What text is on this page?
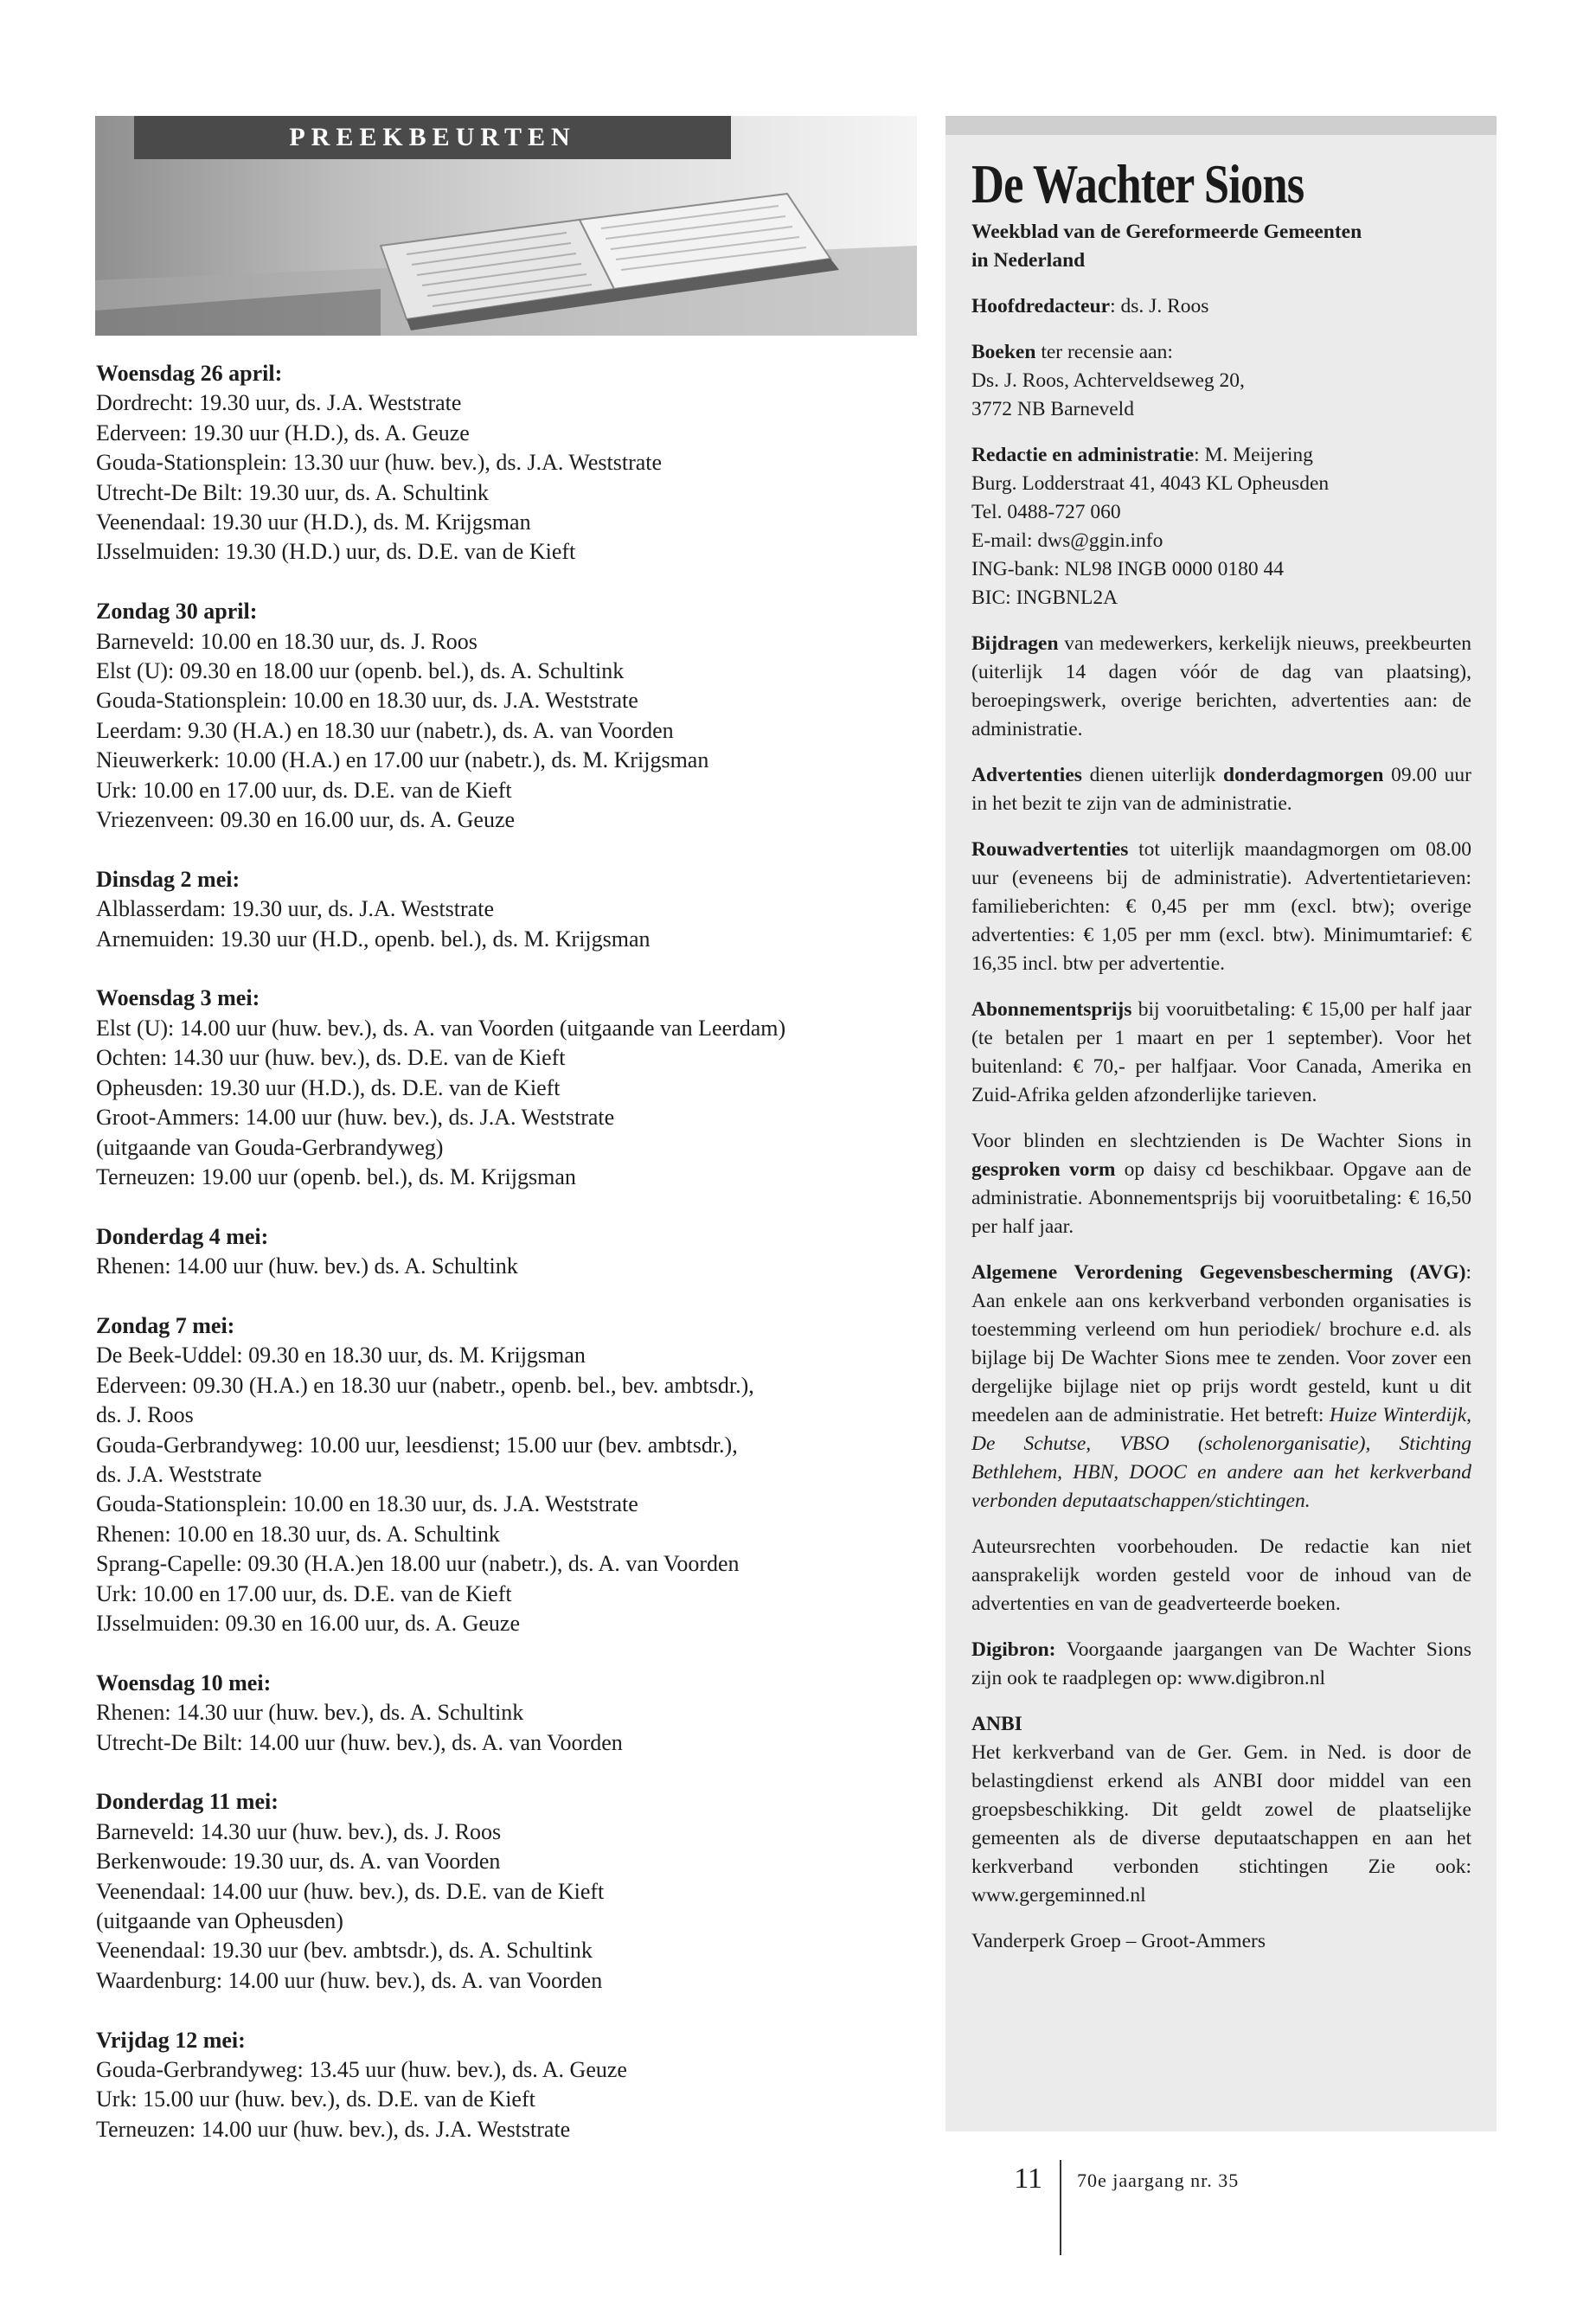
PREEKBEURTEN
Woensdag 26 april:
Dordrecht: 19.30 uur, ds. J.A. Weststrate
Ederveen: 19.30 uur (H.D.), ds. A. Geuze
Gouda-Stationsplein: 13.30 uur (huw. bev.), ds. J.A. Weststrate
Utrecht-De Bilt: 19.30 uur, ds. A. Schultink
Veenendaal: 19.30 uur (H.D.), ds. M. Krijgsman
IJsselmuiden: 19.30 (H.D.) uur, ds. D.E. van de Kieft
Zondag 30 april:
Barneveld: 10.00 en 18.30 uur, ds. J. Roos
Elst (U): 09.30 en 18.00 uur (openb. bel.), ds. A. Schultink
Gouda-Stationsplein: 10.00 en 18.30 uur, ds. J.A. Weststrate
Leerdam: 9.30 (H.A.) en 18.30 uur (nabetr.), ds. A. van Voorden
Nieuwerkerk: 10.00 (H.A.) en 17.00 uur (nabetr.), ds. M. Krijgsman
Urk: 10.00 en 17.00 uur, ds. D.E. van de Kieft
Vriezenveen: 09.30 en 16.00 uur, ds. A. Geuze
Dinsdag 2 mei:
Alblasserdam: 19.30 uur, ds. J.A. Weststrate
Arnemuiden: 19.30 uur (H.D., openb. bel.), ds. M. Krijgsman
Woensdag 3 mei:
Elst (U): 14.00 uur (huw. bev.), ds. A. van Voorden (uitgaande van Leerdam)
Ochten: 14.30 uur (huw. bev.), ds. D.E. van de Kieft
Opheusden: 19.30 uur (H.D.), ds. D.E. van de Kieft
Groot-Ammers: 14.00 uur (huw. bev.), ds. J.A. Weststrate
(uitgaande van Gouda-Gerbrandyweg)
Terneuzen: 19.00 uur (openb. bel.), ds. M. Krijgsman
Donderdag 4 mei:
Rhenen: 14.00 uur (huw. bev.) ds. A. Schultink
Zondag 7 mei:
De Beek-Uddel: 09.30 en 18.30 uur, ds. M. Krijgsman
Ederveen: 09.30 (H.A.) en 18.30 uur (nabetr., openb. bel., bev. ambtsdr.),
ds. J. Roos
Gouda-Gerbrandyweg: 10.00 uur, leesdienst; 15.00 uur (bev. ambtsdr.),
ds. J.A. Weststrate
Gouda-Stationsplein: 10.00 en 18.30 uur, ds. J.A. Weststrate
Rhenen: 10.00 en 18.30 uur, ds. A. Schultink
Sprang-Capelle: 09.30 (H.A.)en 18.00 uur (nabetr.), ds. A. van Voorden
Urk: 10.00 en 17.00 uur, ds. D.E. van de Kieft
IJsselmuiden: 09.30 en 16.00 uur, ds. A. Geuze
Woensdag 10 mei:
Rhenen: 14.30 uur (huw. bev.), ds. A. Schultink
Utrecht-De Bilt: 14.00 uur (huw. bev.), ds. A. van Voorden
Donderdag 11 mei:
Barneveld: 14.30 uur (huw. bev.), ds. J. Roos
Berkenwoude: 19.30 uur, ds. A. van Voorden
Veenendaal: 14.00 uur (huw. bev.), ds. D.E. van de Kieft
(uitgaande van Opheusden)
Veenendaal: 19.30 uur (bev. ambtsdr.), ds. A. Schultink
Waardenburg: 14.00 uur (huw. bev.), ds. A. van Voorden
Vrijdag 12 mei:
Gouda-Gerbrandyweg: 13.45 uur (huw. bev.), ds. A. Geuze
Urk: 15.00 uur (huw. bev.), ds. D.E. van de Kieft
Terneuzen: 14.00 uur (huw. bev.), ds. J.A. Weststrate
De Wachter Sions
Weekblad van de Gereformeerde Gemeenten
in Nederland
Hoofdredacteur: ds. J. Roos
Boeken ter recensie aan:
Ds. J. Roos, Achterveldseweg 20,
3772 NB Barneveld
Redactie en administratie: M. Meijering
Burg. Lodderstraat 41, 4043 KL Opheusden
Tel. 0488-727 060
E-mail: dws@ggin.info
ING-bank: NL98 INGB 0000 0180 44
BIC: INGBNL2A
Bijdragen van medewerkers, kerkelijk nieuws, preekbeurten (uiterlijk 14 dagen vóór de dag van plaatsing), beroepingswerk, overige berichten, advertenties aan: de administratie.
Advertenties dienen uiterlijk donderdagmorgen 09.00 uur in het bezit te zijn van de administratie.
Rouwadvertenties tot uiterlijk maandagmorgen om 08.00 uur (eveneens bij de administratie). Advertentietarieven: familieberichten: € 0,45 per mm (excl. btw); overige advertenties: € 1,05 per mm (excl. btw). Minimumtarief: € 16,35 incl. btw per advertentie.
Abonnementsprijs bij vooruitbetaling: € 15,00 per half jaar (te betalen per 1 maart en per 1 september). Voor het buitenland: € 70,- per halfjaar. Voor Canada, Amerika en Zuid-Afrika gelden afzonderlijke tarieven.
Voor blinden en slechtzienden is De Wachter Sions in gesproken vorm op daisy cd beschikbaar. Opgave aan de administratie. Abonnementsprijs bij vooruitbetaling: € 16,50 per half jaar.
Algemene Verordening Gegevensbescherming (AVG): Aan enkele aan ons kerkverband verbonden organisaties is toestemming verleend om hun periodiek/ brochure e.d. als bijlage bij De Wachter Sions mee te zenden. Voor zover een dergelijke bijlage niet op prijs wordt gesteld, kunt u dit meedelen aan de administratie. Het betreft: Huize Winterdijk, De Schutse, VBSO (scholenorganisatie), Stichting Bethlehem, HBN, DOOC en andere aan het kerkverband verbonden deputaatschappen/stichtingen.
Auteursrechten voorbehouden. De redactie kan niet aansprakelijk worden gesteld voor de inhoud van de advertenties en van de geadverteerde boeken.
Digibron: Voorgaande jaargangen van De Wachter Sions zijn ook te raadplegen op: www.digibron.nl
ANBI
Het kerkverband van de Ger. Gem. in Ned. is door de belastingdienst erkend als ANBI door middel van een groepsbeschikking. Dit geldt zowel de plaatselijke gemeenten als de diverse deputaatschappen en aan het kerkverband verbonden stichtingen Zie ook: www.gergeminned.nl
Vanderperk Groep – Groot-Ammers
11 70e jaargang nr. 35
